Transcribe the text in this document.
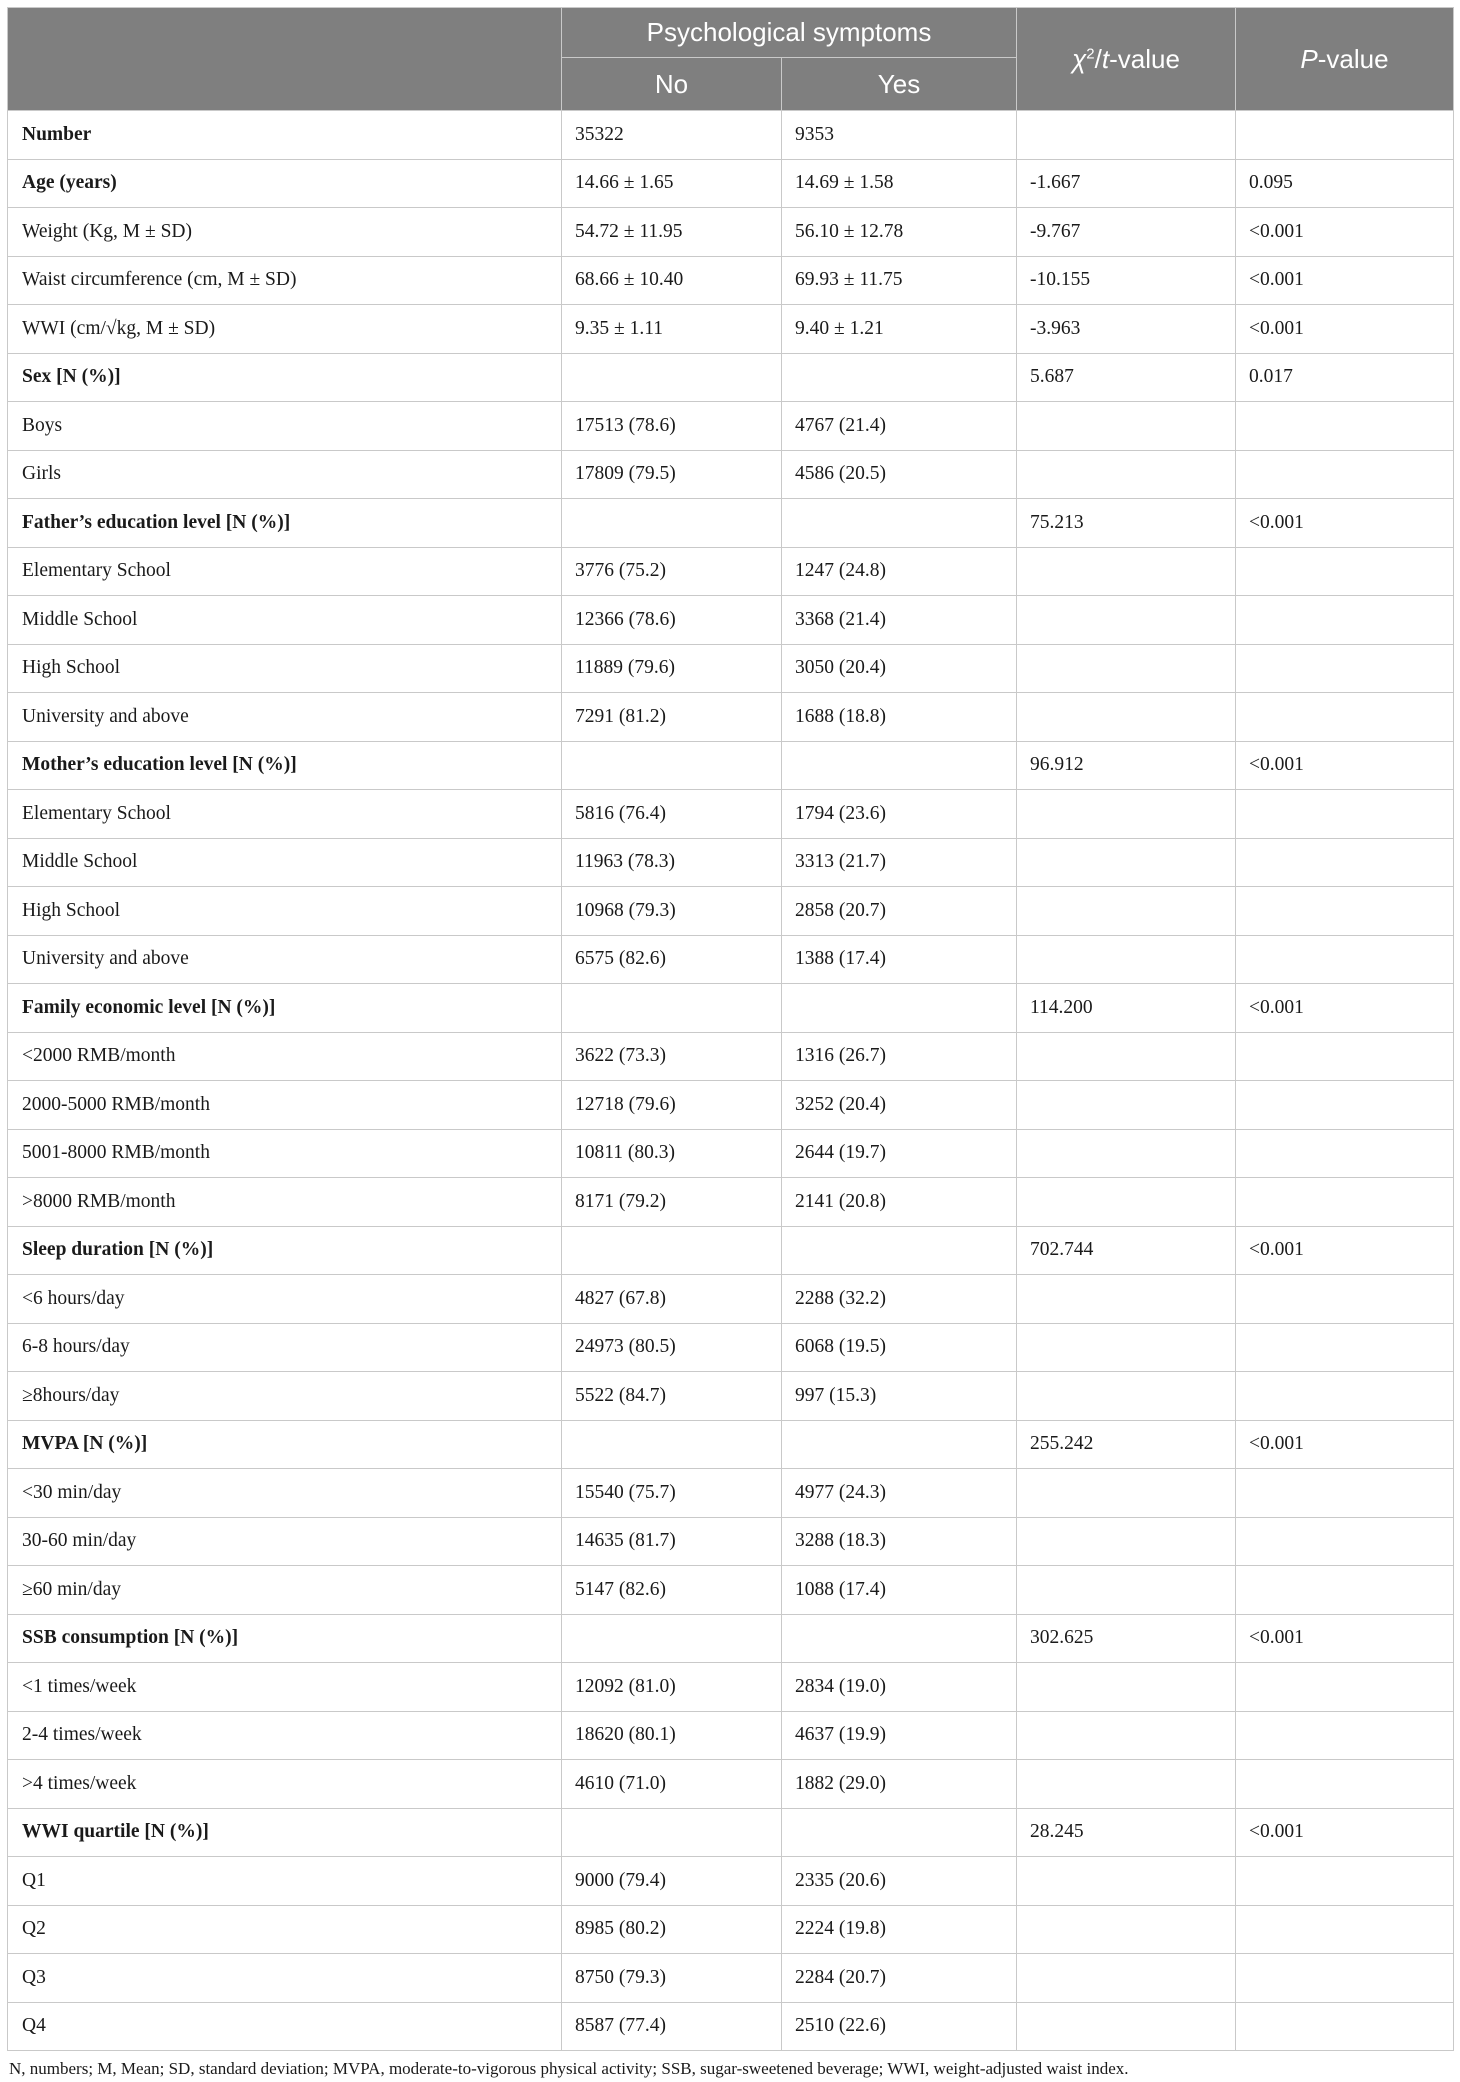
	Psychological symptoms		$\chi^2/t$-value	P-value
	No	Yes		
Number	35322	9353		
Age (years)	14.66 ± 1.65	14.69 ± 1.58	-1.667	0.095
Weight (Kg, M ± SD)	54.72 ± 11.95	56.10 ± 12.78	-9.767	<0.001
Waist circumference (cm, M ± SD)	68.66 ± 10.40	69.93 ± 11.75	-10.155	<0.001
WWI (cm/√kg, M ± SD)	9.35 ± 1.11	9.40 ± 1.21	-3.963	<0.001
Sex [N (%)]			5.687	0.017
Boys	17513 (78.6)	4767 (21.4)		
Girls	17809 (79.5)	4586 (20.5)		
Father’s education level [N (%)]			75.213	<0.001
Elementary School	3776 (75.2)	1247 (24.8)		
Middle School	12366 (78.6)	3368 (21.4)		
High School	11889 (79.6)	3050 (20.4)		
University and above	7291 (81.2)	1688 (18.8)		
Mother’s education level [N (%)]			96.912	<0.001
Elementary School	5816 (76.4)	1794 (23.6)		
Middle School	11963 (78.3)	3313 (21.7)		
High School	10968 (79.3)	2858 (20.7)		
University and above	6575 (82.6)	1388 (17.4)		
Family economic level [N (%)]			114.200	<0.001
<2000 RMB/month	3622 (73.3)	1316 (26.7)		
2000-5000 RMB/month	12718 (79.6)	3252 (20.4)		
5001-8000 RMB/month	10811 (80.3)	2644 (19.7)		
>8000 RMB/month	8171 (79.2)	2141 (20.8)		
Sleep duration [N (%)]			702.744	<0.001
<6 hours/day	4827 (67.8)	2288 (32.2)		
6-8 hours/day	24973 (80.5)	6068 (19.5)		
≥8hours/day	5522 (84.7)	997 (15.3)		
MVPA [N (%)]			255.242	<0.001
<30 min/day	15540 (75.7)	4977 (24.3)		
30-60 min/day	14635 (81.7)	3288 (18.3)		
≥60 min/day	5147 (82.6)	1088 (17.4)		
SSB consumption [N (%)]			302.625	<0.001
<1 times/week	12092 (81.0)	2834 (19.0)		
2-4 times/week	18620 (80.1)	4637 (19.9)		
>4 times/week	4610 (71.0)	1882 (29.0)		
WWI quartile [N (%)]			28.245	<0.001
Q1	9000 (79.4)	2335 (20.6)		
Q2	8985 (80.2)	2224 (19.8)		
Q3	8750 (79.3)	2284 (20.7)		
Q4	8587 (77.4)	2510 (22.6)		
N, numbers; M, Mean; SD, standard deviation; MVPA, moderate-to-vigorous physical activity; SSB, sugar-sweetened beverage; WWI, weight-adjusted waist index.
